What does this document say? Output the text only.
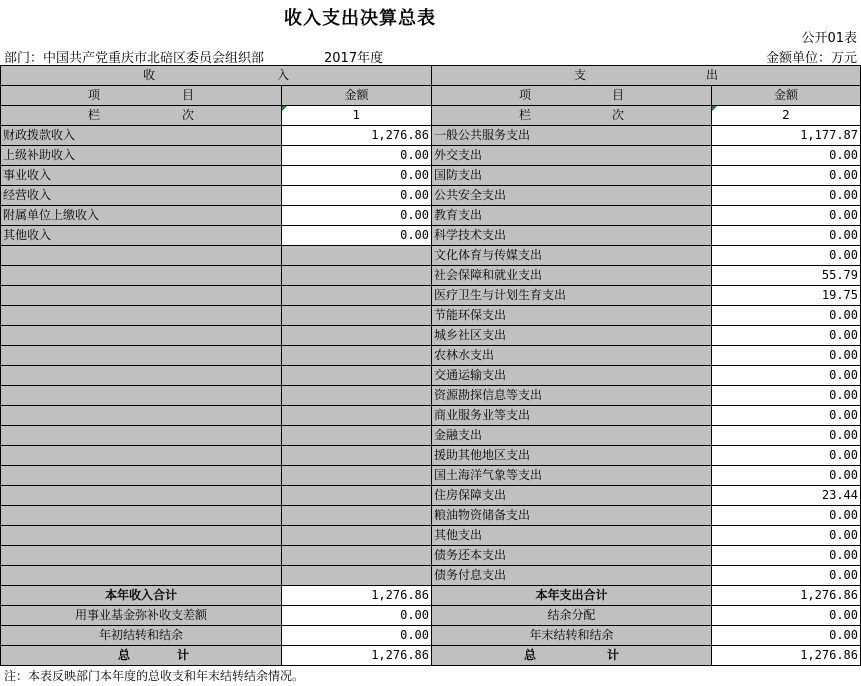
收入支出决算总表
公开01表
部门：中国共产党重庆市北碚区委员会组织部	2017年度	金额单位：万元
收 入		支 出	

项 目	金额	项 目	金额

栏 次	1	栏 次	2
财政拨款收入	1,276.86	一般公共服务支出	1,177.87
上级补助收入	0.00	外交支出	0.00
事业收入	0.00	国防支出	0.00
经营收入	0.00	公共安全支出	0.00
附属单位上缴收入	0.00	教育支出	0.00
其他收入	0.00	科学技术支出	0.00
		文化体育与传媒支出	0.00
		社会保障和就业支出	55.79
		医疗卫生与计划生育支出	19.75
		节能环保支出	0.00
		城乡社区支出	0.00
		农林水支出	0.00
		交通运输支出	0.00
		资源勘探信息等支出	0.00
		商业服务业等支出	0.00
		金融支出	0.00
		援助其他地区支出	0.00
		国土海洋气象等支出	0.00
		住房保障支出	23.44
		粮油物资储备支出	0.00
		其他支出	0.00
		债务还本支出	0.00
		债务付息支出	0.00
本年收入合计	1,276.86	本年支出合计	1,276.86
用事业基金弥补收支差额	0.00	结余分配	0.00
年初结转和结余	0.00	年末结转和结余	0.00

总 计	1,276.86	总 计	1,276.86
注：本表反映部门本年度的总收支和年末结转结余情况。
